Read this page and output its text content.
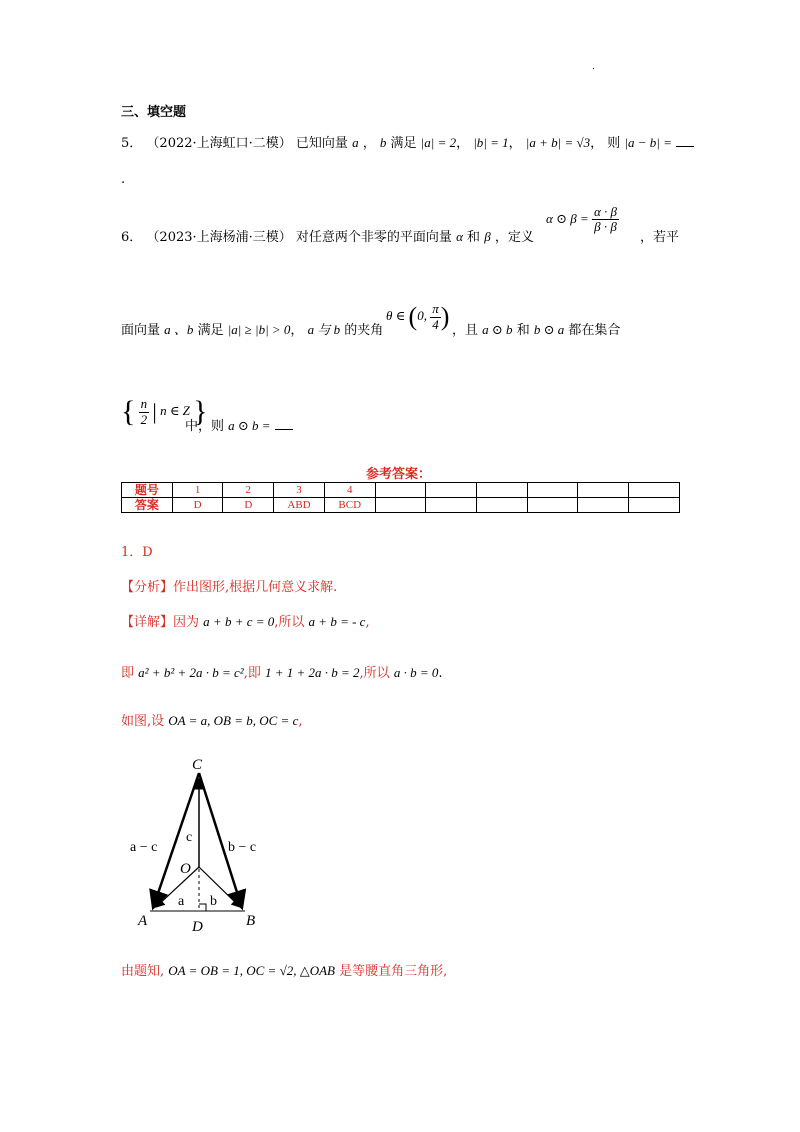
.
三、填空题
5． （2022·上海虹口·二模） 已知向量 a ， b 满足 |a| = 2， |b| = 1， |a + b| = √3， 则 |a − b| =
.
6． （2023·上海杨浦·三模） 对任意两个非零的平面向量 α 和 β ，定义
α ⊙ $\beta = \frac{\alpha \cdot \beta}{\beta \cdot \beta}$
，若平
面向量 a 、b 满足 |a| ≥ |b| > 0， a 与 b 的夹角
θ ∈ (0, $\frac{\pi}{4}$ ) ，且 a ⊙ b 和 b ⊙ a 都在集合
{ $\frac{n}{2}$ | n ∈ Z }
中，则 a ⊙ b =
参考答案：
题号	1	2	3	4						
答案	D	D	ABD	BCD						
1．D
【分析】作出图形,根据几何意义求解.
【详解】因为 a + b + c = 0,所以 a + b = - c,
即 a² + b² + 2a · b = c²,即 1 + 1 + 2a · b = 2,所以 a · b = 0.
如图,设 OA = a, OB = b, OC = c,
C
O
A	B
D
a − c
c
b − c
a b
由题知, OA = OB = 1, OC = √2, △OAB 是等腰直角三角形,
